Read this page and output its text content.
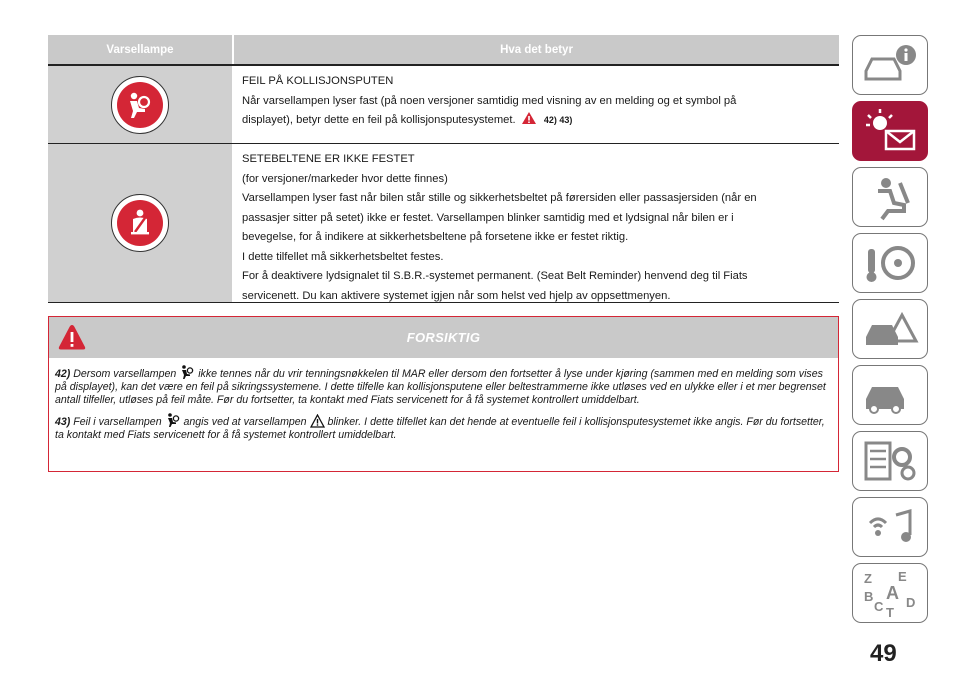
Varsellampe	Hva det betyr
FEIL PÅ KOLLISJONSPUTEN
Når varsellampen lyser fast (på noen versjoner samtidig med visning av en melding og et symbol på
displayet), betyr dette en feil på kollisjonsputesystemet.	42) 43)
SETEBELTENE ER IKKE FESTET
(for versjoner/markeder hvor dette finnes)
Varsellampen lyser fast når bilen står stille og sikkerhetsbeltet på førersiden eller passasjersiden (når en
passasjer sitter på setet) ikke er festet. Varsellampen blinker samtidig med et lydsignal når bilen er i
bevegelse, for å indikere at sikkerhetsbeltene på forsetene ikke er festet riktig.
I dette tilfellet må sikkerhetsbeltet festes.
For å deaktivere lydsignalet til S.B.R.-systemet permanent. (Seat Belt Reminder) henvend deg til Fiats
servicenett. Du kan aktivere systemet igjen når som helst ved hjelp av oppsettmenyen.
FORSIKTIG

42) Dersom varsellampen ikke tennes når du vrir tenningsnøkkelen til MAR eller dersom den fortsetter å lyse under kjøring (sammen med en melding som vises på displayet), kan det være en feil på sikringssystemene. I dette tilfelle kan kollisjonsputene eller beltestrammerne ikke utløses ved en ulykke eller i et mer begrenset antall tilfeller, utløses på feil måte. Før du fortsetter, ta kontakt med Fiats servicenett for å få systemet kontrollert umiddelbart.

43) Feil i varsellampen angis ved at varsellampen blinker. I dette tilfellet kan det hende at eventuelle feil i kollisjonsputesystemet ikke angis. Før du fortsetter, ta kontakt med Fiats servicenett for å få systemet kontrollert umiddelbart.

Z E
B A
C D
T
49
